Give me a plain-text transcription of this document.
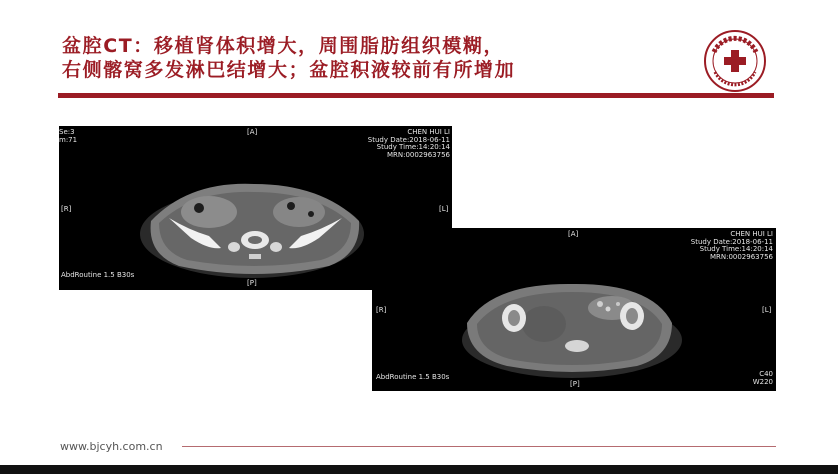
盆腔CT：移植肾体积增大，周围脂肪组织模糊，
右侧髂窝多发淋巴结增大；盆腔积液较前有所增加
Se:3
m:71
[A]
[R]	[L]
[P]
CHEN HUI LI
Study Date:2018-06-11
Study Time:14:20:14
MRN:0002963756
AbdRoutine 1.5 B30s
[A]
[R]	[L]
[P]
CHEN HUI LI
Study Date:2018-06-11
Study Time:14:20:14
MRN:0002963756
AbdRoutine 1.5 B30s	C40
W220
www.bjcyh.com.cn
